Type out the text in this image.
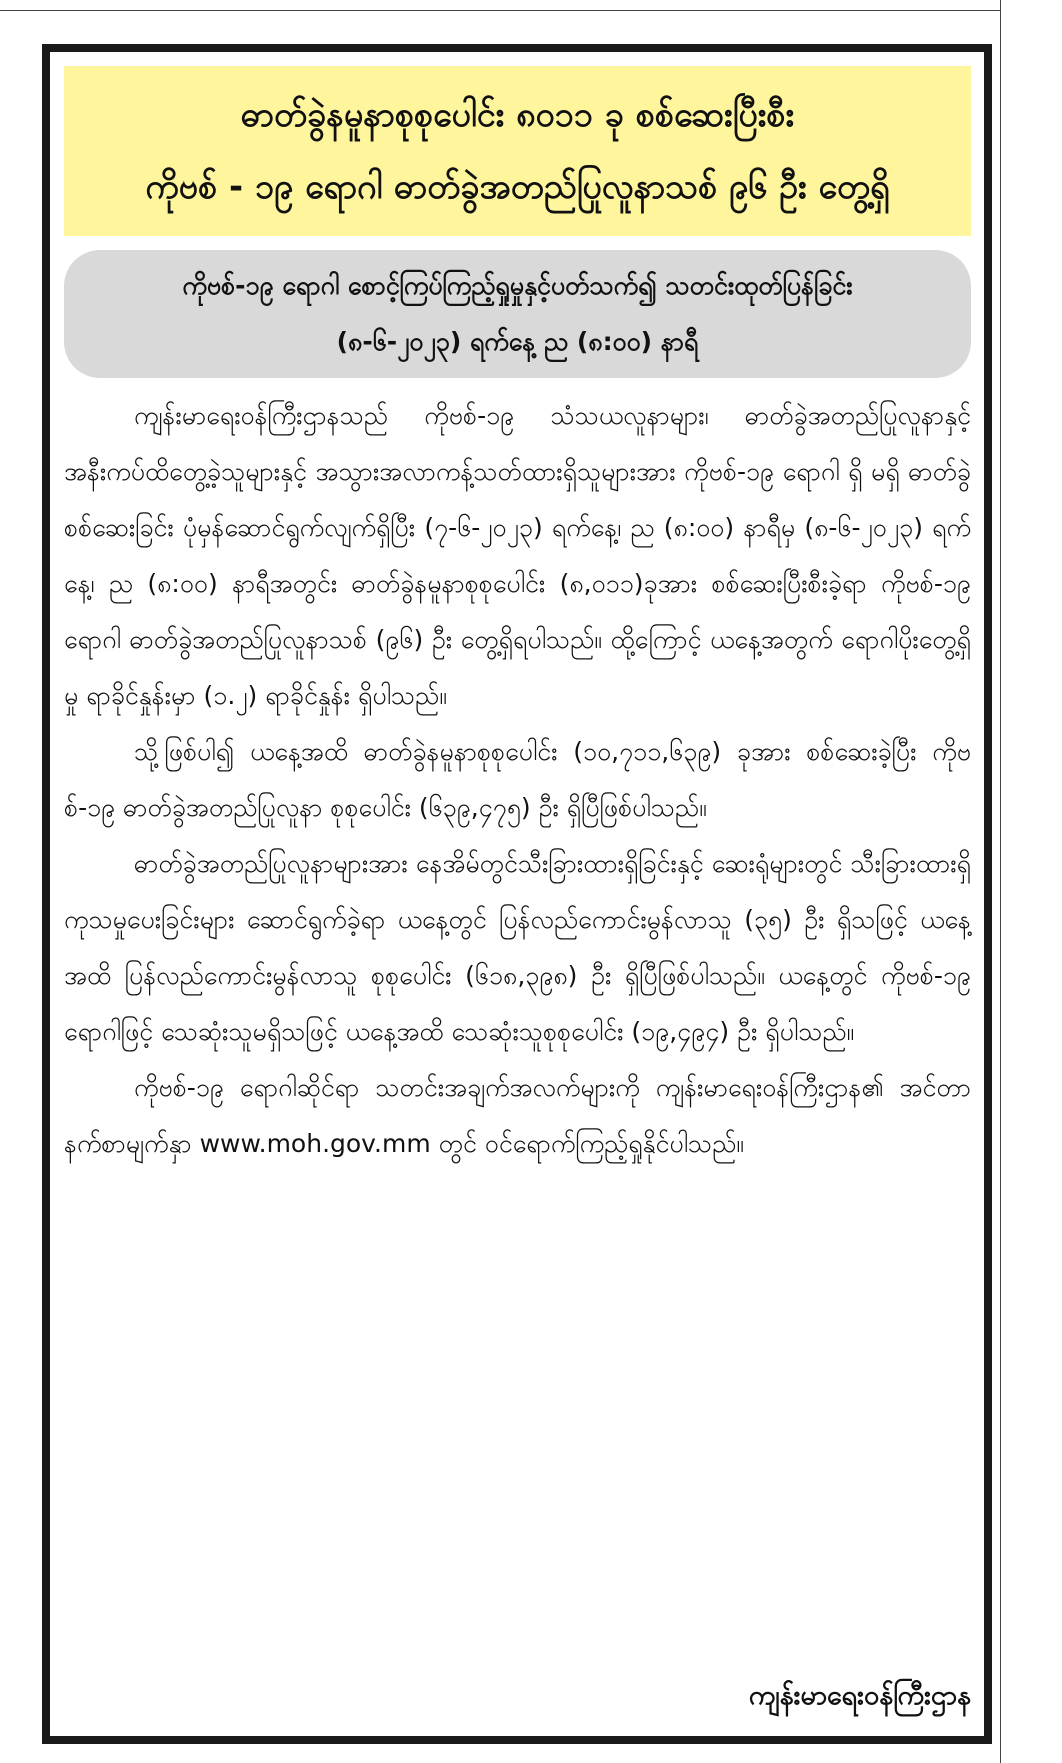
ဓာတ်ခွဲနမူနာစုစုပေါင်း ၈၀၁၁ ခု စစ်ဆေးပြီးစီး
ကိုဗစ် - ၁၉ ရောဂါ ဓာတ်ခွဲအတည်ပြုလူနာသစ် ၉၆ ဦး တွေ့ရှိ
ကိုဗစ်-၁၉ ရောဂါ စောင့်ကြပ်ကြည့်ရှုမှုနှင့်ပတ်သက်၍ သတင်းထုတ်ပြန်ခြင်း
(၈-၆-၂၀၂၃) ရက်နေ့ ည (၈:၀၀) နာရီ

ကျန်းမာရေးဝန်ကြီးဌာနသည် ကိုဗစ်-၁၉ သံသယလူနာများ၊ ဓာတ်ခွဲအတည်ပြုလူနာနှင့် အနီးကပ်ထိတွေ့ခဲ့သူများနှင့် အသွားအလာကန့်သတ်ထားရှိသူများအား ကိုဗစ်-၁၉ ရောဂါ ရှိ မရှိ ဓာတ်ခွဲစစ်ဆေးခြင်း ပုံမှန်ဆောင်ရွက်လျက်ရှိပြီး (၇-၆-၂၀၂၃) ရက်နေ့၊ ည (၈:၀၀) နာရီမှ (၈-၆-၂၀၂၃) ရက်နေ့၊ ည (၈:၀၀) နာရီအတွင်း ဓာတ်ခွဲနမူနာစုစုပေါင်း (၈,၀၁၁)ခုအား စစ်ဆေးပြီးစီးခဲ့ရာ ကိုဗစ်-၁၉ ရောဂါ ဓာတ်ခွဲအတည်ပြုလူနာသစ် (၉၆) ဦး တွေ့ရှိရပါသည်။ ထို့ကြောင့် ယနေ့အတွက် ရောဂါပိုးတွေ့ရှိမှု ရာခိုင်နှုန်းမှာ (၁.၂) ရာခိုင်နှုန်း ရှိပါသည်။

သို့ဖြစ်ပါ၍ ယနေ့အထိ ဓာတ်ခွဲနမူနာစုစုပေါင်း (၁၀,၇၁၁,၆၃၉) ခုအား စစ်ဆေးခဲ့ပြီး ကိုဗစ်-၁၉ ဓာတ်ခွဲအတည်ပြုလူနာ စုစုပေါင်း (၆၃၉,၄၇၅) ဦး ရှိပြီဖြစ်ပါသည်။

ဓာတ်ခွဲအတည်ပြုလူနာများအား နေအိမ်တွင်သီးခြားထားရှိခြင်းနှင့် ဆေးရုံများတွင် သီးခြားထားရှိကုသမှုပေးခြင်းများ ဆောင်ရွက်ခဲ့ရာ ယနေ့တွင် ပြန်လည်ကောင်းမွန်လာသူ (၃၅) ဦး ရှိသဖြင့် ယနေ့အထိ ပြန်လည်ကောင်းမွန်လာသူ စုစုပေါင်း (၆၁၈,၃၉၈) ဦး ရှိပြီဖြစ်ပါသည်။ ယနေ့တွင် ကိုဗစ်-၁၉ ရောဂါဖြင့် သေဆုံးသူမရှိသဖြင့် ယနေ့အထိ သေဆုံးသူစုစုပေါင်း (၁၉,၄၉၄) ဦး ရှိပါသည်။

ကိုဗစ်-၁၉ ရောဂါဆိုင်ရာ သတင်းအချက်အလက်များကို ကျန်းမာရေးဝန်ကြီးဌာန၏ အင်တာနက်စာမျက်နှာ www.moh.gov.mm တွင် ဝင်ရောက်ကြည့်ရှုနိုင်ပါသည်။

ကျန်းမာရေးဝန်ကြီးဌာန
